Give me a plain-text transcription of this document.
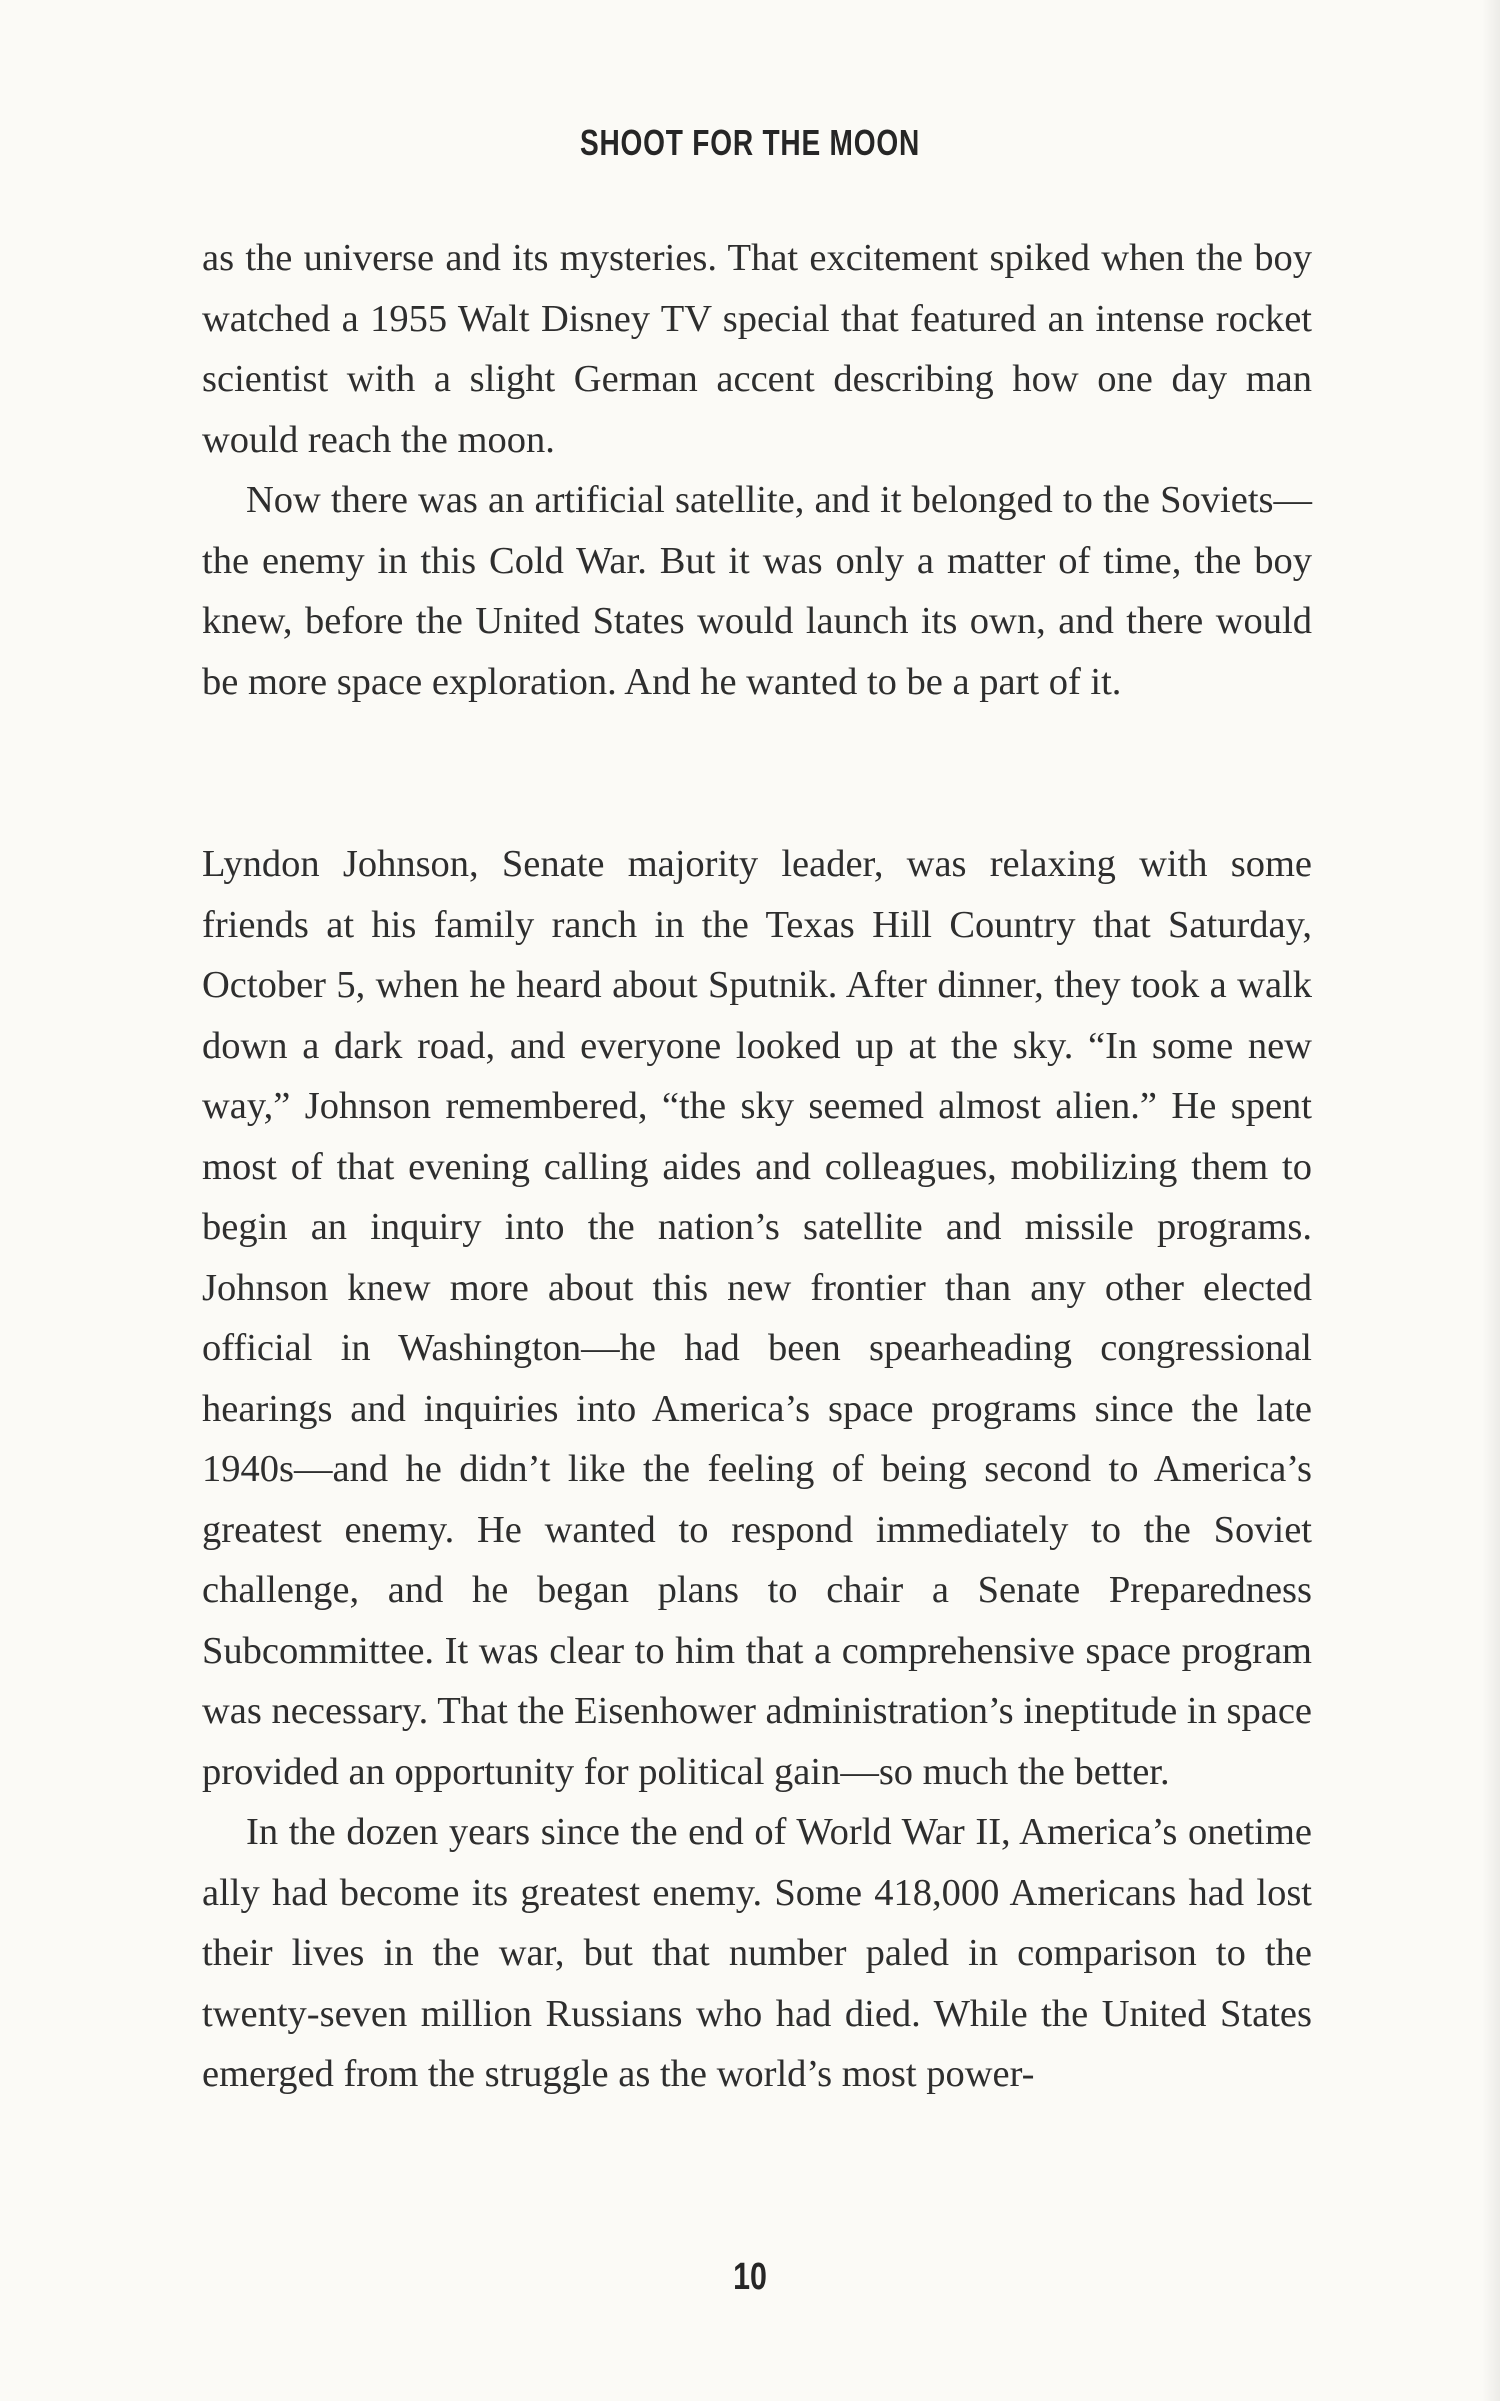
SHOOT FOR THE MOON

as the universe and its mysteries. That excitement spiked when the boy watched a 1955 Walt Disney TV special that featured an intense rocket scientist with a slight German accent describing how one day man would reach the moon.

Now there was an artificial satellite, and it belonged to the Soviets—the enemy in this Cold War. But it was only a matter of time, the boy knew, before the United States would launch its own, and there would be more space exploration. And he wanted to be a part of it.

Lyndon Johnson, Senate majority leader, was relaxing with some friends at his family ranch in the Texas Hill Country that Saturday, October 5, when he heard about Sputnik. After dinner, they took a walk down a dark road, and everyone looked up at the sky. “In some new way,” Johnson remembered, “the sky seemed almost alien.” He spent most of that evening calling aides and colleagues, mobilizing them to begin an inquiry into the nation’s satellite and missile programs. Johnson knew more about this new frontier than any other elected official in Washington—he had been spearheading congressional hearings and inquiries into America’s space programs since the late 1940s—and he didn’t like the feeling of being second to America’s greatest enemy. He wanted to respond immediately to the Soviet challenge, and he began plans to chair a Senate Preparedness Subcommittee. It was clear to him that a comprehensive space program was necessary. That the Eisenhower administration’s ineptitude in space provided an opportunity for political gain—so much the better.

In the dozen years since the end of World War II, America’s onetime ally had become its greatest enemy. Some 418,000 Americans had lost their lives in the war, but that number paled in comparison to the twenty-seven million Russians who had died. While the United States emerged from the struggle as the world’s most power-

10
